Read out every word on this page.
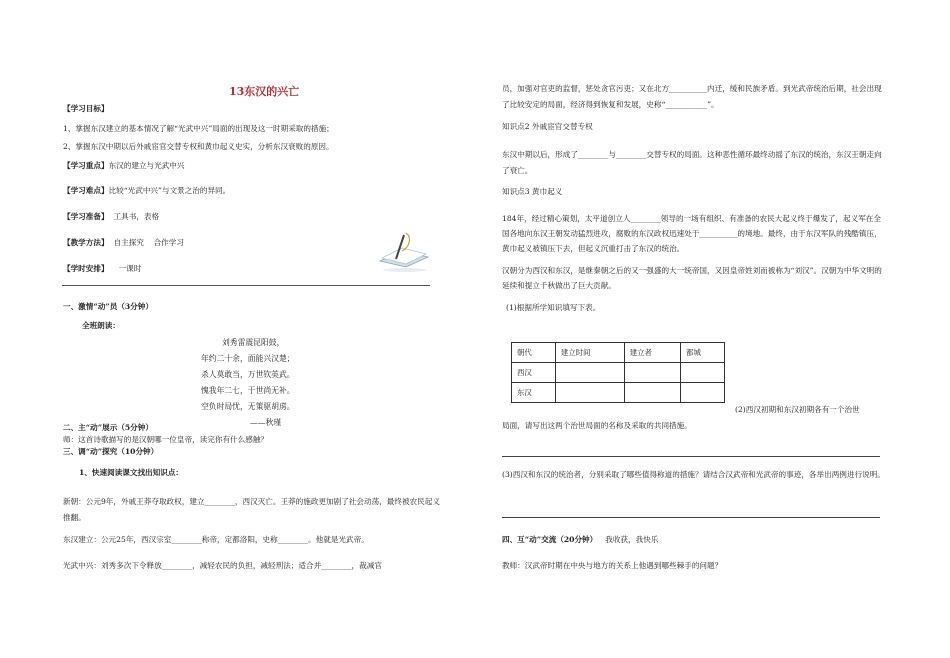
13东汉的兴亡
【学习目标】
1、掌握东汉建立的基本情况了解“光武中兴”局面的出现及这一时期采取的措施；
2、掌握东汉中期以后外戚宦官交替专权和黄巾起义史实，分析东汉衰败的原因。
【学习重点】东汉的建立与光武中兴
【学习难点】比较“光武中兴”与文景之治的异同。
【学习准备】 工具书，表格
【教学方法】 自主探究    合作学习
【学时安排】 一课时
一、激情“动”员（3分钟）
全班朗读：
刘秀雷震昆阳鼓，
年约二十余，面能兴汉楚；
杀人莫敢当，万世钦英武。
愧我年二七，于世尚无补。
空负时局忧，无策驱胡虏。
——秋瑾
二、主“动”展示（5分钟）
师：这首诗歌描写的是汉朝哪一位皇帝，读完你有什么感触？
三、调“动”探究（10分钟）
1、快速阅读课文找出知识点：
新朝：公元9年，外戚王莽夺取政权，建立________，西汉灭亡。王莽的施政更加剧了社会动荡，最终被农民起义推翻。
东汉建立：公元25年，西汉宗室________称帝，定都洛阳，史称________。他就是光武帝。
光武中兴：刘秀多次下令释放________，减轻农民的负担，减轻刑法；适合并________，裁减官
员，加强对官吏的监督，惩处贪官污吏；又在北方__________内迁，缓和民族矛盾。到光武帝统治后期，社会出现了比较安定的局面，经济得到恢复和发展，史称“___________”。
知识点2 外戚宦官交替专权
东汉中期以后，形成了________与________交替专权的局面。这种恶性循环最终动摇了东汉的统治，东汉王朝走向了衰亡。
知识点3 黄巾起义
184年，经过精心策划，太平道创立人________领导的一场有组织、有准备的农民大起义终于爆发了，起义军在全国各地向东汉王朝发动猛烈进攻，腐败的东汉政权迅速处于__________的境地。最终，由于东汉军队的残酷镇压，黄巾起义被镇压下去，但起义沉重打击了东汉的统治。
汉朝分为西汉和东汉，是继秦朝之后的又一强盛的大一统帝国，又因皇帝姓刘而被称为“刘汉”。汉朝为中华文明的延续和提立千秋做出了巨大贡献。
(1)根据所学知识填写下表。
朝代	建立时间	建立者	都城
西汉			
东汉			
(2)西汉初期和东汉初期各有一个治世
局面，请写出这两个治世局面的名称及采取的共同措施。
(3)西汉和东汉的统治者，分别采取了哪些值得称道的措施？请结合汉武帝和光武帝的事迹，各举出两例进行说明。
四、互“动”交流（20分钟） 我收获，我快乐
教师：汉武帝时期在中央与地方的关系上他遇到哪些棘手的问题？
